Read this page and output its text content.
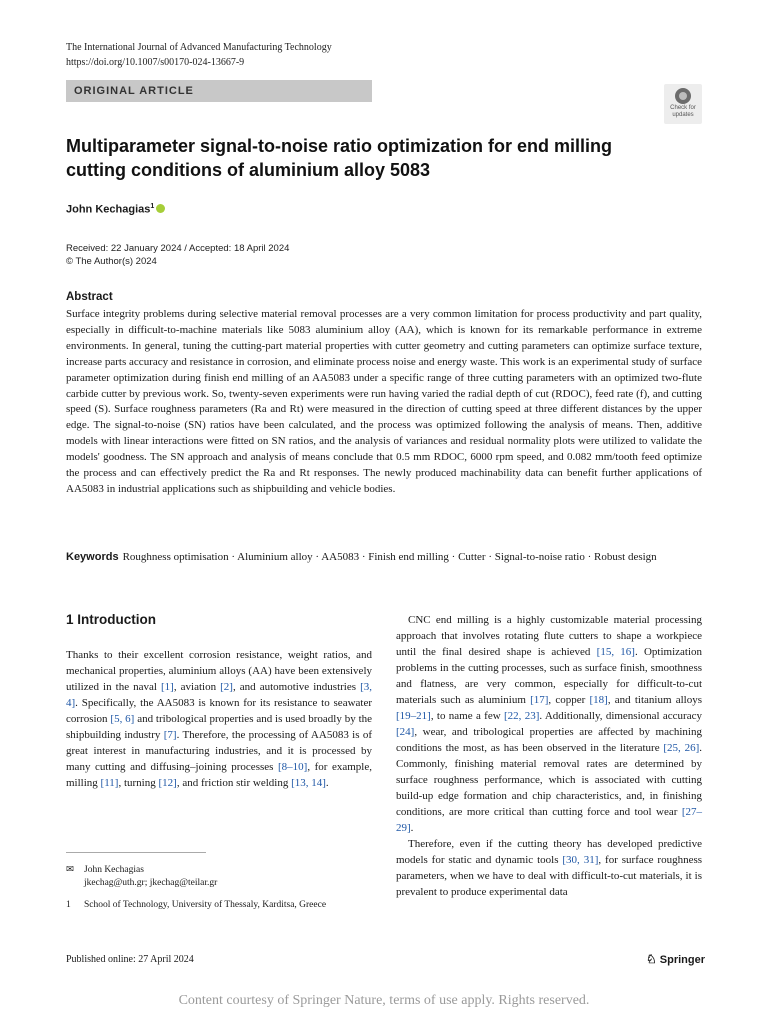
The International Journal of Advanced Manufacturing Technology
https://doi.org/10.1007/s00170-024-13667-9
ORIGINAL ARTICLE
Check for
updates
Multiparameter signal-to-noise ratio optimization for end milling
cutting conditions of aluminium alloy 5083
John Kechagias$^1$
Received: 22 January 2024 / Accepted: 18 April 2024
© The Author(s) 2024
Abstract
Surface integrity problems during selective material removal processes are a very common limitation for process productivity and part quality, especially in difficult-to-machine materials like 5083 aluminium alloy (AA), which is known for its remarkable performance in extreme environments. In general, tuning the cutting-part material properties with cutter geometry and cutting parameters can optimize surface texture, increase parts accuracy and resistance in corrosion, and eliminate process noise and energy waste. This work is an experimental study of surface parameter optimization during finish end milling of an AA5083 under a specific range of three cutting parameters with an optimized two-flute carbide cutter by previous work. So, twenty-seven experiments were run having varied the radial depth of cut (RDOC), feed rate (f), and cutting speed (S). Surface roughness parameters (Ra and Rt) were measured in the direction of cutting speed at three different distances by the upper edge. The signal-to-noise (SN) ratios have been calculated, and the process was optimized following the analysis of means. Then, additive models with linear interactions were fitted on SN ratios, and the analysis of variances and residual normality plots were utilized to validate the models' goodness. The SN approach and analysis of means conclude that 0.5 mm RDOC, 6000 rpm speed, and 0.082 mm/tooth feed optimize the process and can effectively predict the Ra and Rt responses. The newly produced machinability data can benefit further applications of AA5083 in industrial applications such as shipbuilding and vehicle bodies.
Keywords Roughness optimisation · Aluminium alloy · AA5083 · Finish end milling · Cutter · Signal-to-noise ratio · Robust design
1 Introduction

Thanks to their excellent corrosion resistance, weight ratios, and mechanical properties, aluminium alloys (AA) have been extensively utilized in the naval [1], aviation [2], and automotive industries [3, 4]. Specifically, the AA5083 is known for its resistance to seawater corrosion [5, 6] and tribological properties and is used broadly by the shipbuilding industry [7]. Therefore, the processing of AA5083 is of great interest in manufacturing industries, and it is processed by many cutting and diffusing–joining processes [8–10], for example, milling [11], turning [12], and friction stir welding [13, 14].

CNC end milling is a highly customizable material processing approach that involves rotating flute cutters to shape a workpiece until the final desired shape is achieved [15, 16]. Optimization problems in the cutting processes, such as surface finish, smoothness and flatness, are very common, especially for difficult-to-cut materials such as aluminium [17], copper [18], and titanium alloys [19–21], to name a few [22, 23]. Additionally, dimensional accuracy [24], wear, and tribological properties are affected by machining conditions the most, as has been observed in the literature [25, 26]. Commonly, finishing material removal rates are determined by surface roughness performance, which is associated with cutting build-up edge formation and chip characteristics, and, in finishing conditions, are more critical than cutting force and tool wear [27–29].

Therefore, even if the cutting theory has developed predictive models for static and dynamic tools [30, 31], for surface roughness parameters, when we have to deal with difficult-to-cut materials, it is prevalent to produce experimental data

✉	John Kechagias
jkechag@uth.gr; jkechag@teilar.gr
1	School of Technology, University of Thessaly, Karditsa, Greece
Published online: 27 April 2024	♘ Springer
Content courtesy of Springer Nature, terms of use apply. Rights reserved.
